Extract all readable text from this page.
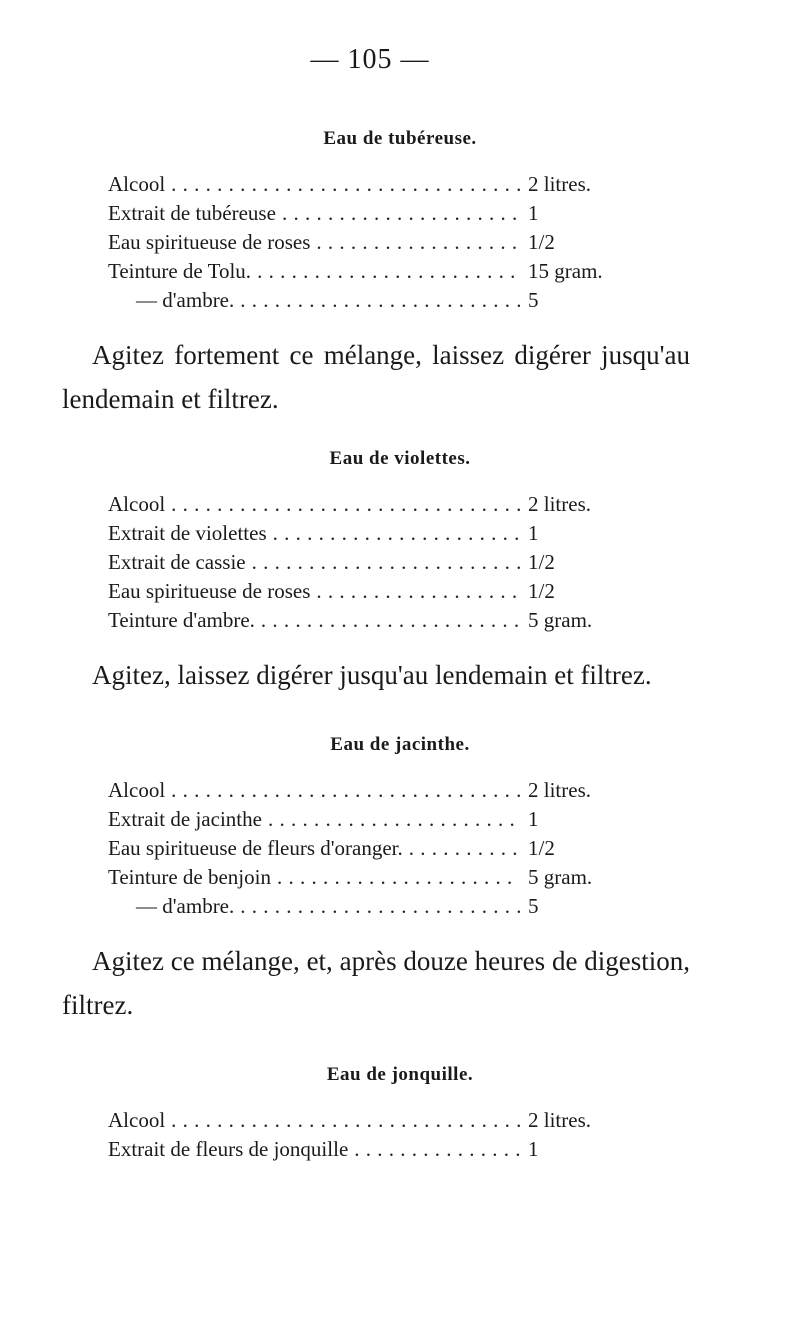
— 105 —
Eau de tubéreuse.
Alcool . . .	2 litres.
Extrait de tubéreuse . . .	1
Eau spiritueuse de roses . . .	1/2
Teinture de Tolu. . . .	15 gram.
— d'ambre. . . .	5

Agitez fortement ce mélange, laissez digérer jusqu'au lendemain et filtrez.

Eau de violettes.
Alcool . . .	2 litres.
Extrait de violettes . . .	1
Extrait de cassie . . .	1/2
Eau spiritueuse de roses . . .	1/2
Teinture d'ambre. . . .	5 gram.

Agitez, laissez digérer jusqu'au lendemain et filtrez.

Eau de jacinthe.
Alcool . . .	2 litres.
Extrait de jacinthe . . .	1
Eau spiritueuse de fleurs d'oranger. . . .	1/2
Teinture de benjoin . . .	5 gram.
— d'ambre. . . .	5

Agitez ce mélange, et, après douze heures de digestion, filtrez.

Eau de jonquille.
Alcool . . .	2 litres.
Extrait de fleurs de jonquille . . .	1
